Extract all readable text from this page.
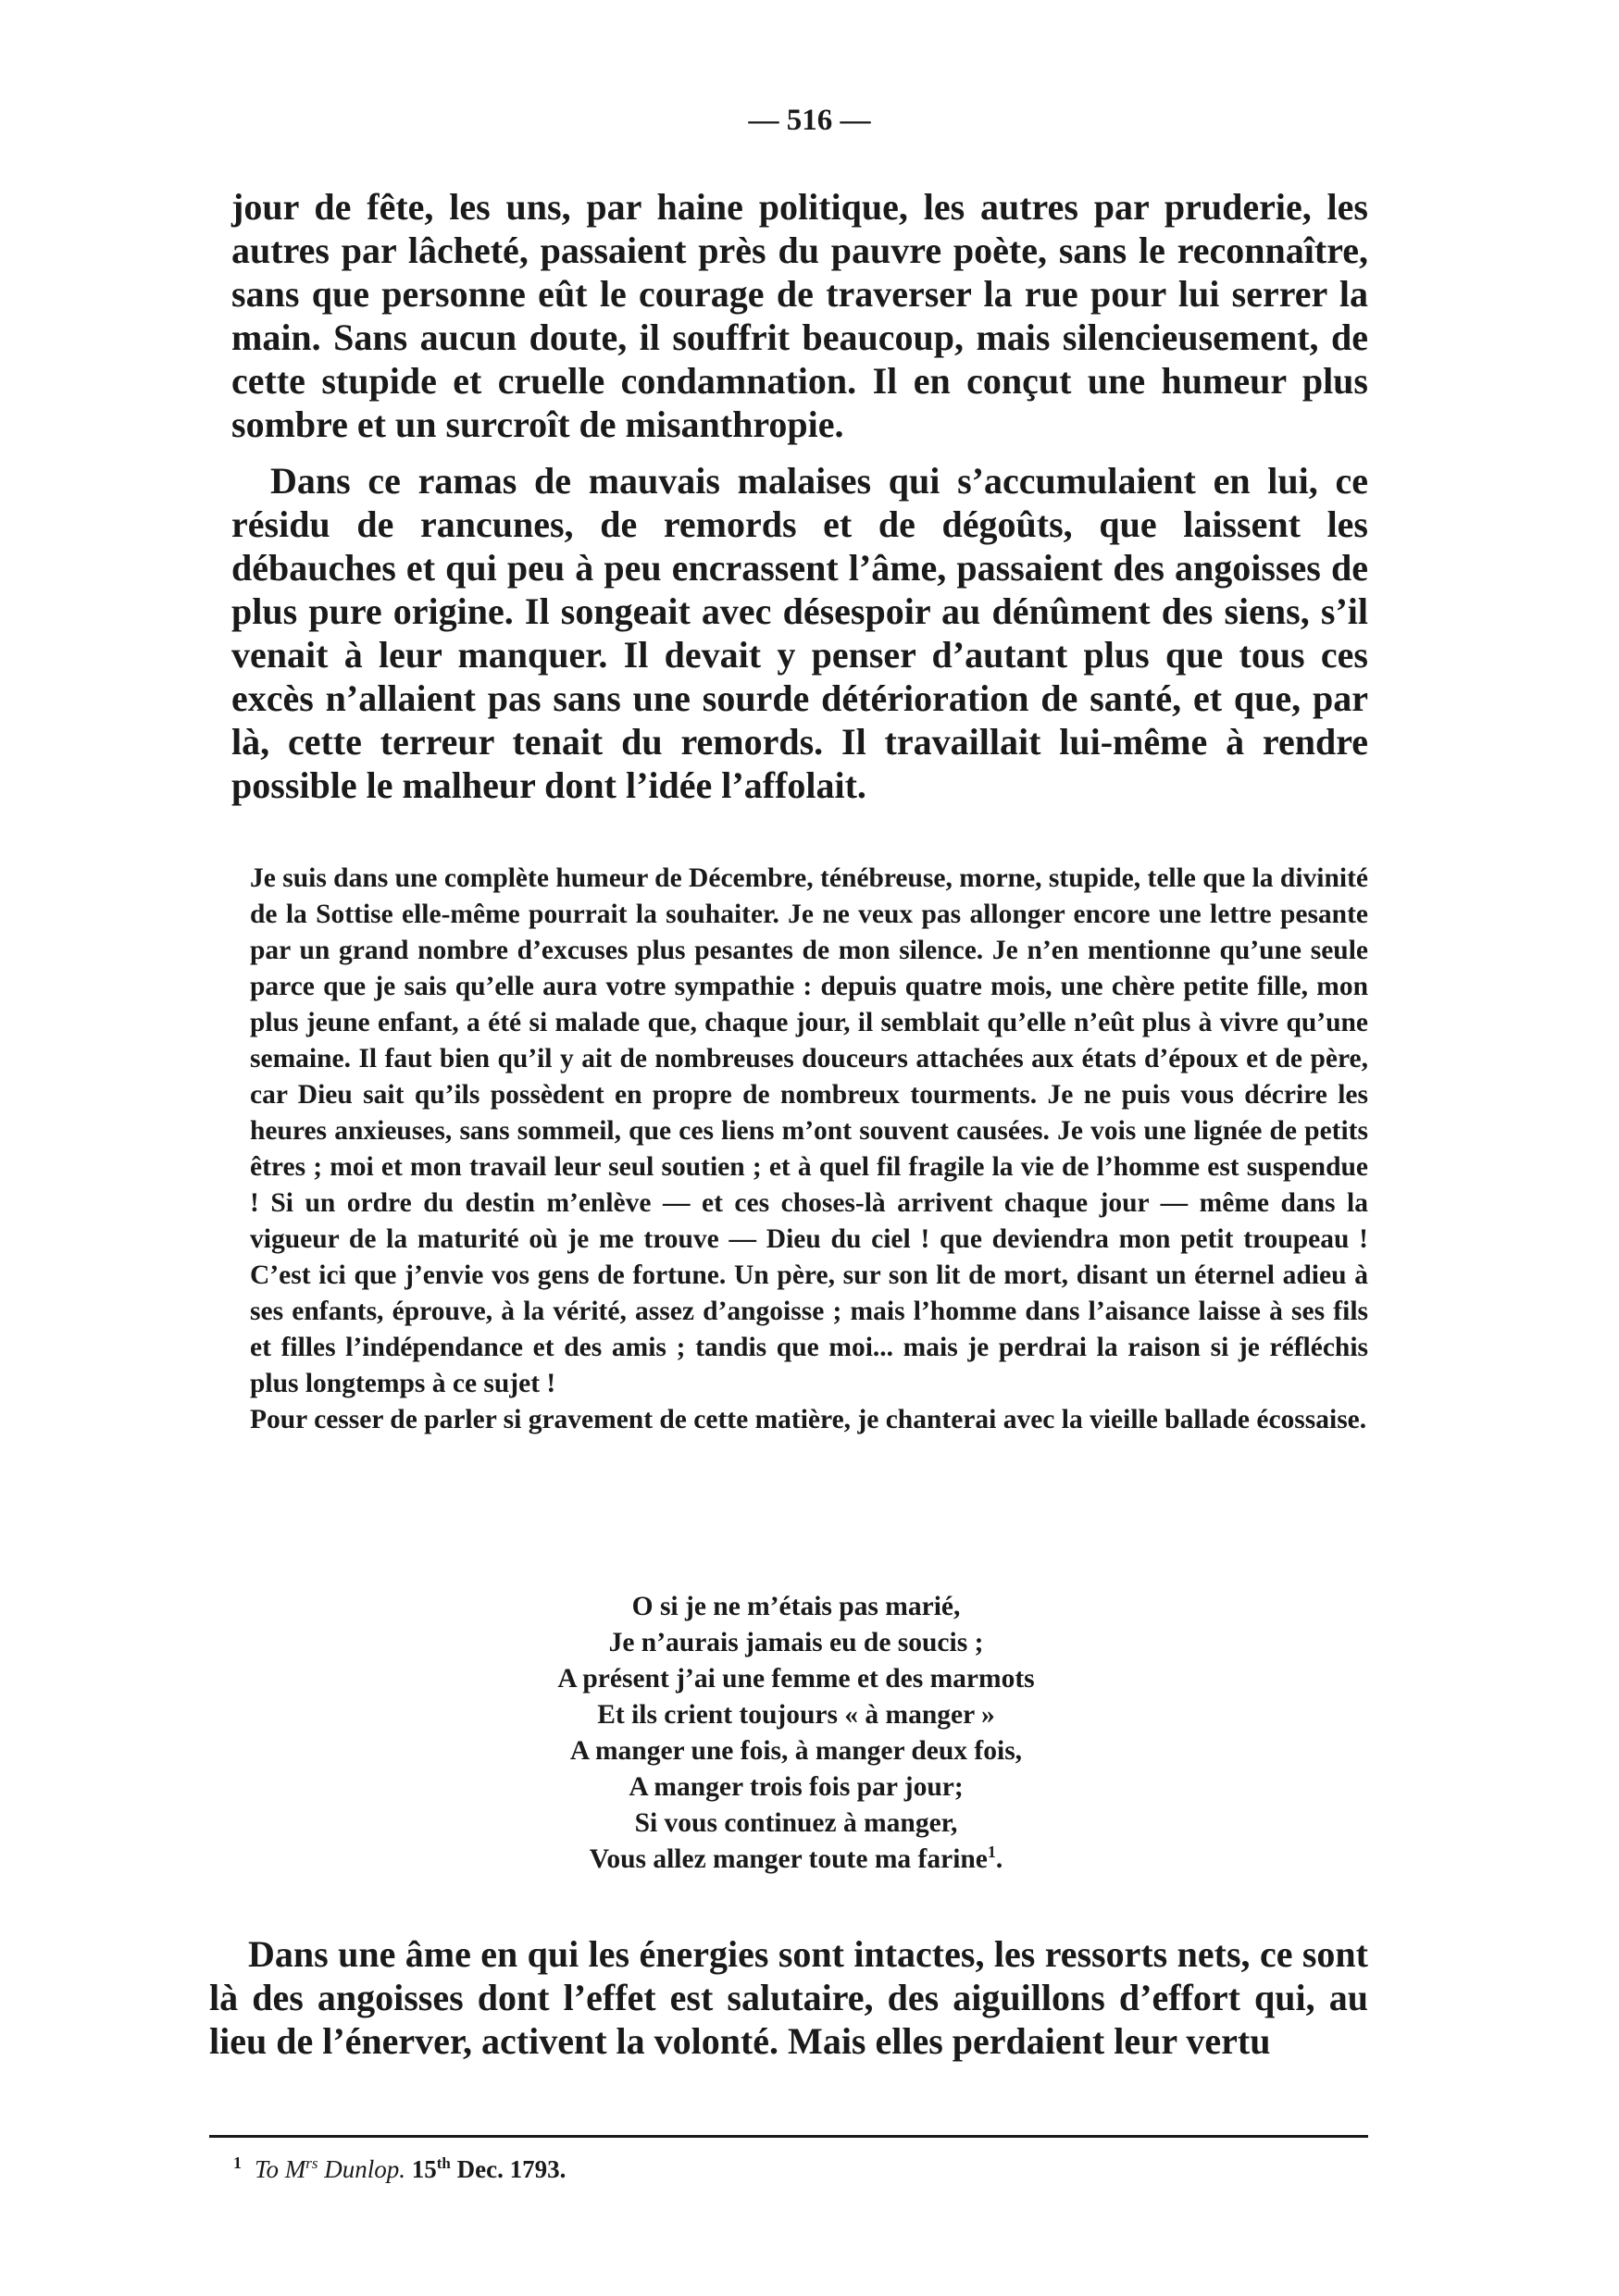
— 516 —

jour de fête, les uns, par haine politique, les autres par pruderie, les autres par lâcheté, passaient près du pauvre poète, sans le reconnaître, sans que personne eût le courage de traverser la rue pour lui serrer la main. Sans aucun doute, il souffrit beaucoup, mais silencieusement, de cette stupide et cruelle condamnation. Il en conçut une humeur plus sombre et un surcroît de misanthropie.

Dans ce ramas de mauvais malaises qui s’accumulaient en lui, ce résidu de rancunes, de remords et de dégoûts, que laissent les débauches et qui peu à peu encrassent l’âme, passaient des angoisses de plus pure origine. Il songeait avec désespoir au dénûment des siens, s’il venait à leur manquer. Il devait y penser d’autant plus que tous ces excès n’allaient pas sans une sourde détérioration de santé, et que, par là, cette terreur tenait du remords. Il travaillait lui-même à rendre possible le malheur dont l’idée l’affolait.

Je suis dans une complète humeur de Décembre, ténébreuse, morne, stupide, telle que la divinité de la Sottise elle-même pourrait la souhaiter. Je ne veux pas allonger encore une lettre pesante par un grand nombre d’excuses plus pesantes de mon silence. Je n’en mentionne qu’une seule parce que je sais qu’elle aura votre sympathie : depuis quatre mois, une chère petite fille, mon plus jeune enfant, a été si malade que, chaque jour, il semblait qu’elle n’eût plus à vivre qu’une semaine. Il faut bien qu’il y ait de nombreuses douceurs attachées aux états d’époux et de père, car Dieu sait qu’ils possèdent en propre de nombreux tourments. Je ne puis vous décrire les heures anxieuses, sans sommeil, que ces liens m’ont souvent causées. Je vois une lignée de petits êtres ; moi et mon travail leur seul soutien ; et à quel fil fragile la vie de l’homme est suspendue ! Si un ordre du destin m’enlève — et ces choses-là arrivent chaque jour — même dans la vigueur de la maturité où je me trouve — Dieu du ciel ! que deviendra mon petit troupeau ! C’est ici que j’envie vos gens de fortune. Un père, sur son lit de mort, disant un éternel adieu à ses enfants, éprouve, à la vérité, assez d’angoisse ; mais l’homme dans l’aisance laisse à ses fils et filles l’indépendance et des amis ; tandis que moi... mais je perdrai la raison si je réfléchis plus longtemps à ce sujet !

Pour cesser de parler si gravement de cette matière, je chanterai avec la vieille ballade écossaise.

O si je ne m’étais pas marié,
Je n’aurais jamais eu de soucis ;
A présent j’ai une femme et des marmots
Et ils crient toujours « à manger »
A manger une fois, à manger deux fois,
A manger trois fois par jour;
Si vous continuez à manger,
Vous allez manger toute ma farine$^1$.

Dans une âme en qui les énergies sont intactes, les ressorts nets, ce sont là des angoisses dont l’effet est salutaire, des aiguillons d’effort qui, au lieu de l’énerver, activent la volonté. Mais elles perdaient leur vertu

$^1$ To $M^{rs}$ Dunlop. 15th Dec. 1793.
